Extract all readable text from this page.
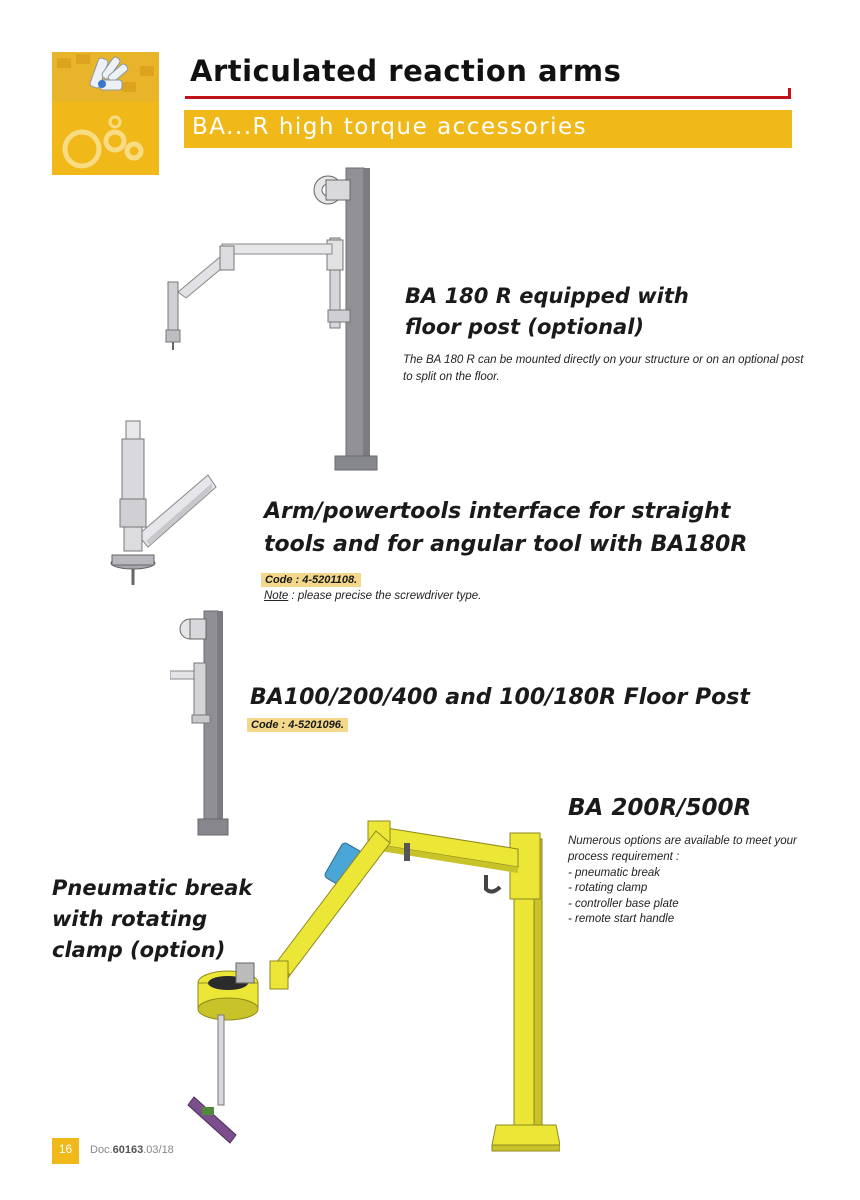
Articulated reaction arms
BA...R high torque accessories
BA 180 R equipped with
floor post (optional)
The BA 180 R can be mounted directly on your structure or on an optional post
to split on the floor.
Arm/powertools interface for straight
tools and for angular tool with BA180R
Code : 4-5201108.
Note : please precise the screwdriver type.
BA100/200/400 and 100/180R Floor Post
Code : 4-5201096.
BA 200R/500R
Numerous options are available to meet your
process requirement :
- pneumatic break
- rotating clamp
- controller base plate
- remote start handle
Pneumatic break
with rotating
clamp (option)
16	Doc.60163.03/18
